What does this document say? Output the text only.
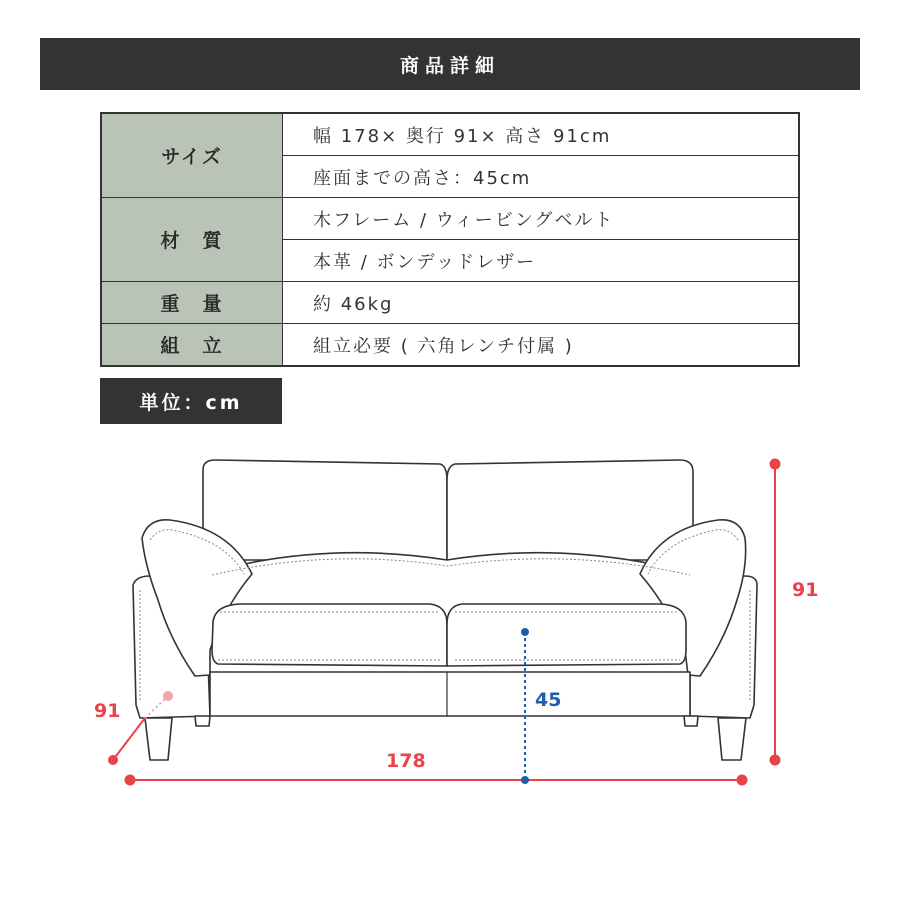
商品詳細
サイズ	幅 178× 奥行 91× 高さ 91cm
	座面までの高さ：45cm
材　質	木フレーム / ウィービングベルト
	本革 / ボンデッドレザー
重　量	約 46kg
組　立	組立必要 ( 六角レンチ付属 )
単位：cm
178
91
91	45
